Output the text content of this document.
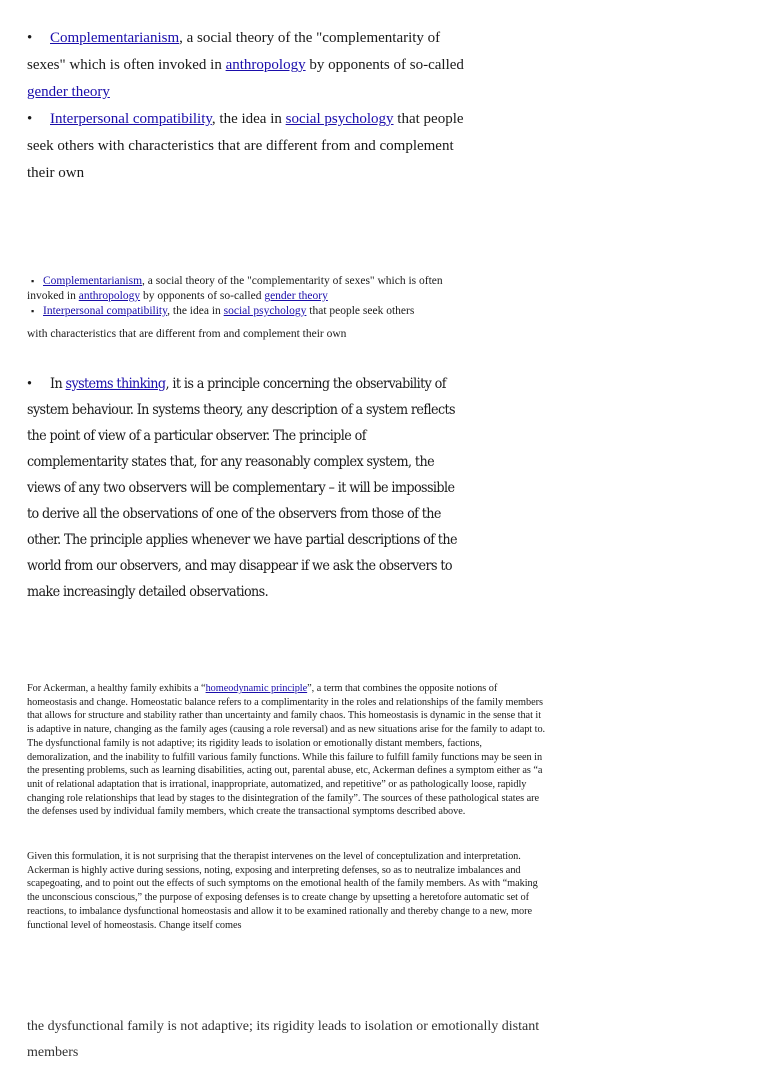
• Complementarianism, a social theory of the "complementarity of sexes" which is often invoked in anthropology by opponents of so-called gender theory
• Interpersonal compatibility, the idea in social psychology that people seek others with characteristics that are different from and complement their own
▪ Complementarianism, a social theory of the "complementarity of sexes" which is often invoked in anthropology by opponents of so-called gender theory
▪ Interpersonal compatibility, the idea in social psychology that people seek others
with characteristics that are different from and complement their own
• In systems thinking, it is a principle concerning the observability of system behaviour. In systems theory, any description of a system reflects the point of view of a particular observer. The principle of complementarity states that, for any reasonably complex system, the views of any two observers will be complementary – it will be impossible to derive all the observations of one of the observers from those of the other. The principle applies whenever we have partial descriptions of the world from our observers, and may disappear if we ask the observers to make increasingly detailed observations.
For Ackerman, a healthy family exhibits a “homeodynamic principle”, a term that combines the opposite notions of homeostasis and change. Homeostatic balance refers to a complimentarity in the roles and relationships of the family members that allows for structure and stability rather than uncertainty and family chaos. This homeostasis is dynamic in the sense that it is adaptive in nature, changing as the family ages (causing a role reversal) and as new situations arise for the family to adapt to. The dysfunctional family is not adaptive; its rigidity leads to isolation or emotionally distant members, factions, demoralization, and the inability to fulfill various family functions. While this failure to fulfill family functions may be seen in the presenting problems, such as learning disabilities, acting out, parental abuse, etc, Ackerman defines a symptom either as “a unit of relational adaptation that is irrational, inappropriate, automatized, and repetitive” or as pathologically loose, rapidly changing role relationships that lead by stages to the disintegration of the family”. The sources of these pathological states are the defenses used by individual family members, which create the transactional symptoms described above.
Given this formulation, it is not surprising that the therapist intervenes on the level of conceptulization and interpretation. Ackerman is highly active during sessions, noting, exposing and interpreting defenses, so as to neutralize imbalances and scapegoating, and to point out the effects of such symptoms on the emotional health of the family members. As with “making the unconscious conscious,” the purpose of exposing defenses is to create change by upsetting a heretofore automatic set of reactions, to imbalance dysfunctional homeostasis and allow it to be examined rationally and thereby change to a new, more functional level of homeostasis. Change itself comes
the dysfunctional family is not adaptive; its rigidity leads to isolation or emotionally distant members
